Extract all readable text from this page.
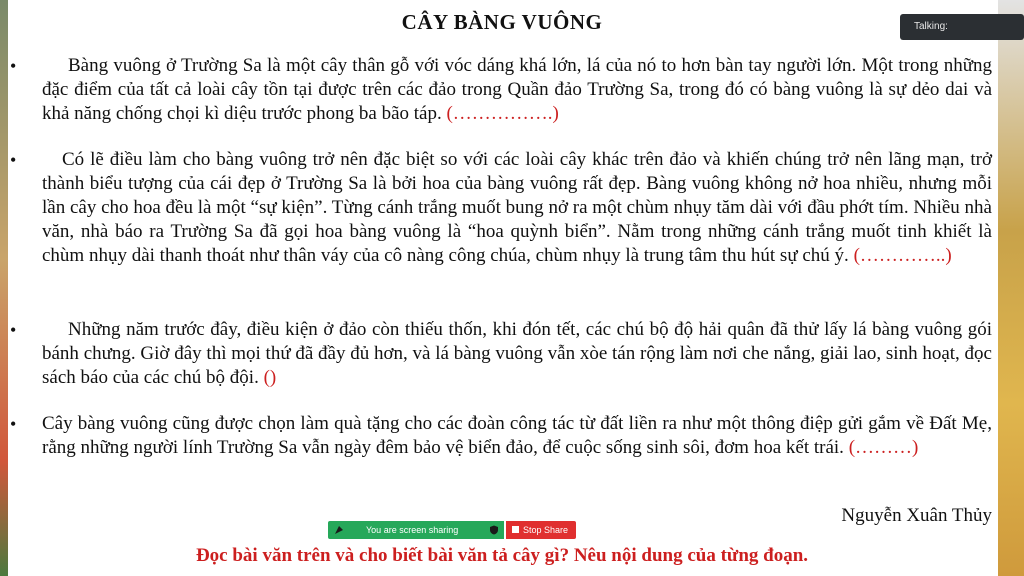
CÂY BÀNG VUÔNG
•	Bàng vuông ở Trường Sa là một cây thân gỗ với vóc dáng khá lớn, lá của nó to hơn bàn tay người lớn. Một trong những đặc điểm của tất cả loài cây tồn tại được trên các đảo trong Quần đảo Trường Sa, trong đó có bàng vuông là sự dẻo dai và khả năng chống chọi kì diệu trước phong ba bão táp. (…………….)

•	Có lẽ điều làm cho bàng vuông trở nên đặc biệt so với các loài cây khác trên đảo và khiến chúng trở nên lãng mạn, trở thành biểu tượng của cái đẹp ở Trường Sa là bởi hoa của bàng vuông rất đẹp. Bàng vuông không nở hoa nhiều, nhưng mỗi lần cây cho hoa đều là một “sự kiện”. Từng cánh trắng muốt bung nở ra một chùm nhụy tăm dài với đầu phớt tím. Nhiều nhà văn, nhà báo ra Trường Sa đã gọi hoa bàng vuông là “hoa quỳnh biển”. Nằm trong những cánh trắng muốt tinh khiết là chùm nhụy dài thanh thoát như thân váy của cô nàng công chúa, chùm nhụy là trung tâm thu hút sự chú ý. (…………..)

•	Những năm trước đây, điều kiện ở đảo còn thiếu thốn, khi đón tết, các chú bộ độ hải quân đã thử lấy lá bàng vuông gói bánh chưng. Giờ đây thì mọi thứ đã đầy đủ hơn, và lá bàng vuông vẫn xòe tán rộng làm nơi che nắng, giải lao, sinh hoạt, đọc sách báo của các chú bộ đội. ()

• Cây bàng vuông cũng được chọn làm quà tặng cho các đoàn công tác từ đất liền ra như một thông điệp gửi gắm về Đất Mẹ, rằng những người lính Trường Sa vẫn ngày đêm bảo vệ biển đảo, để cuộc sống sinh sôi, đơm hoa kết trái. (………)

Nguyễn Xuân Thủy
Đọc bài văn trên và cho biết bài văn tả cây gì? Nêu nội dung của từng đoạn.
Talking:
You are screen sharing	Stop Share
